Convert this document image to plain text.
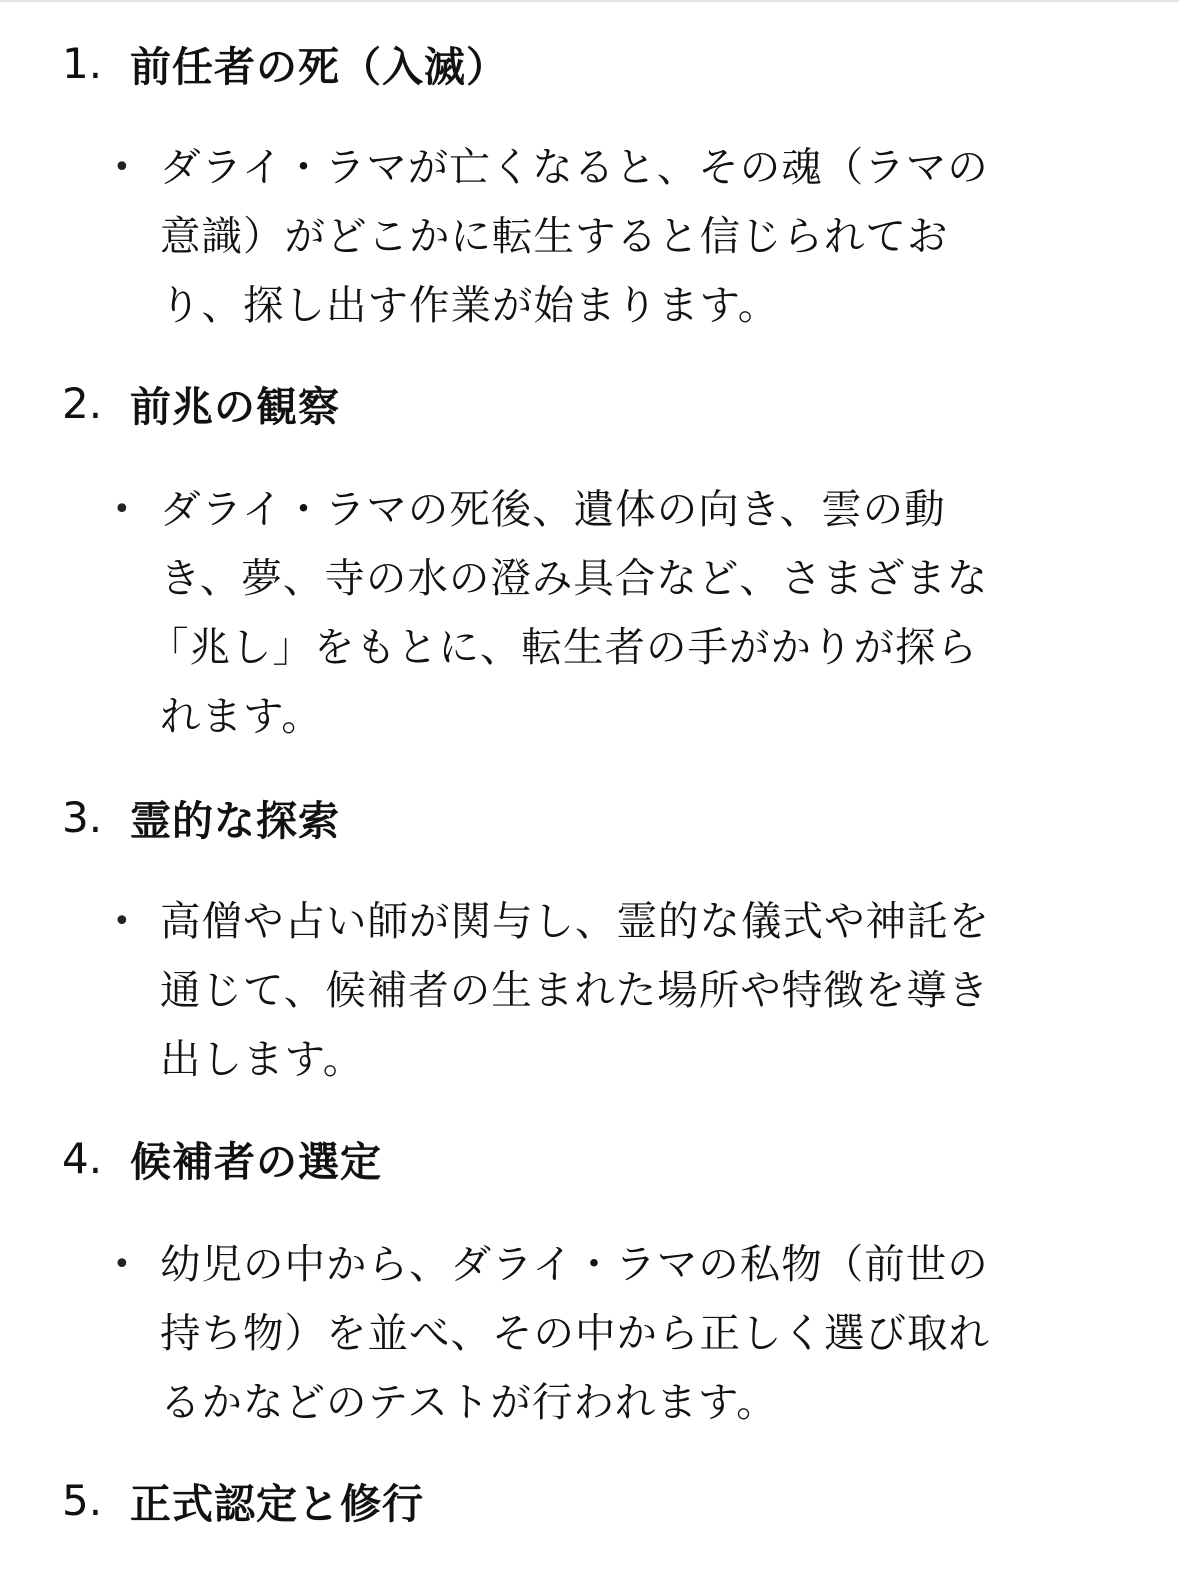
1. 前任者の死（入滅）
• ダライ・ラマが亡くなると、その魂（ラマの
意識）がどこかに転生すると信じられてお
り、探し出す作業が始まります。
2. 前兆の観察
• ダライ・ラマの死後、遺体の向き、雲の動
き、夢、寺の水の澄み具合など、さまざまな
「兆し」をもとに、転生者の手がかりが探ら
れます。
3. 霊的な探索
• 高僧や占い師が関与し、霊的な儀式や神託を
通じて、候補者の生まれた場所や特徴を導き
出します。
4. 候補者の選定
• 幼児の中から、ダライ・ラマの私物（前世の
持ち物）を並べ、その中から正しく選び取れ
るかなどのテストが行われます。
5. 正式認定と修行
